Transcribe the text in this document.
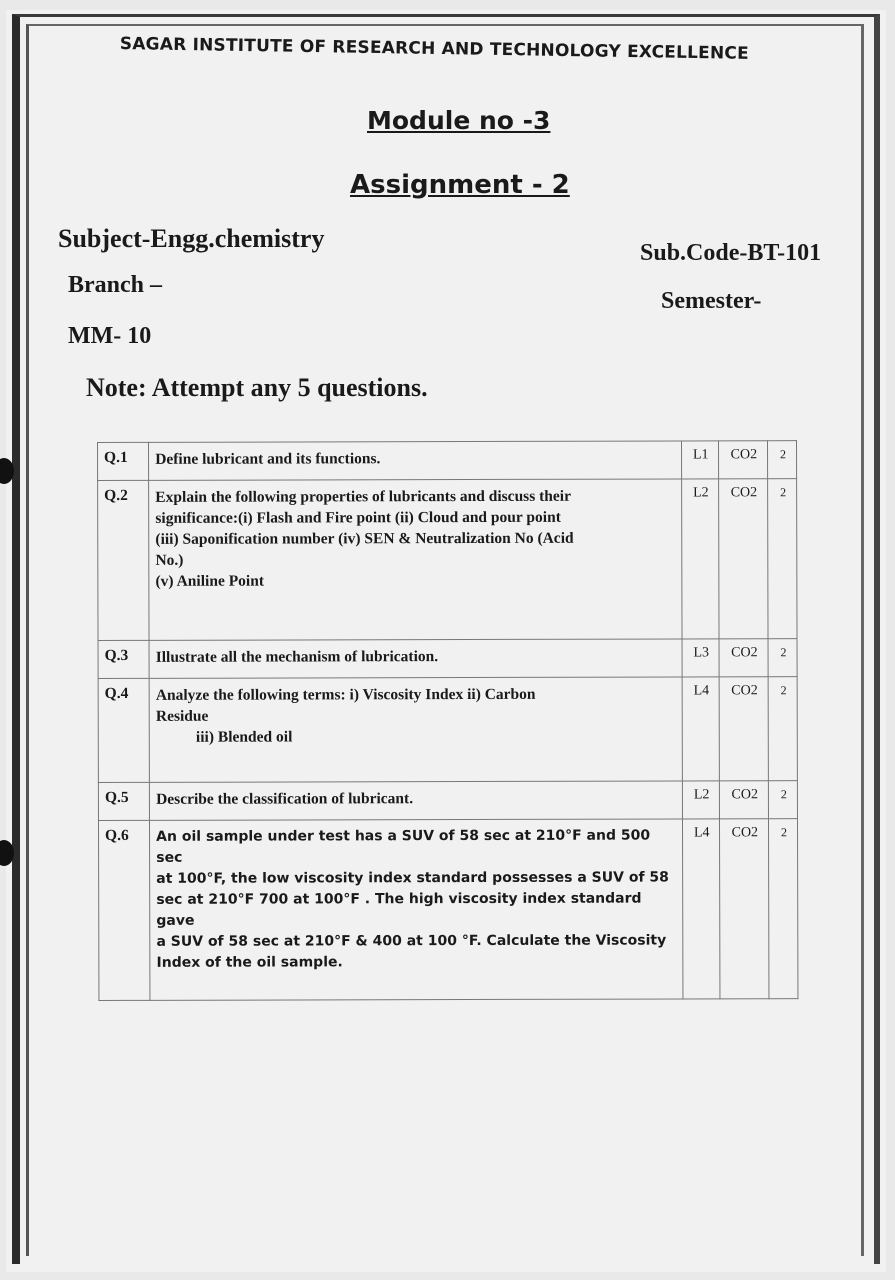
SAGAR INSTITUTE OF RESEARCH AND TECHNOLOGY EXCELLENCE
Module no -3
Assignment - 2
Subject-Engg.chemistry	Sub.Code-BT-101
Branch –
Semester-
MM- 10
Note: Attempt any 5 questions.
Q.1	Define lubricant and its functions.	L1	CO2	2
Q.2	Explain the following properties of lubricants and discuss their
significance:(i) Flash and Fire point (ii) Cloud and pour point
(iii) Saponification number (iv) SEN & Neutralization No (Acid
No.)
(v) Aniline Point	L2	CO2	2
Q.3	Illustrate all the mechanism of lubrication.	L3	CO2	2
Q.4	Analyze the following terms: i) Viscosity Index ii) Carbon
Residue
iii) Blended oil	L4	CO2	2
Q.5	Describe the classification of lubricant.	L2	CO2	2
Q.6	An oil sample under test has a SUV of 58 sec at 210°F and 500 sec
at 100°F, the low viscosity index standard possesses a SUV of 58
sec at 210°F 700 at 100°F . The high viscosity index standard gave
a SUV of 58 sec at 210°F & 400 at 100 °F. Calculate the Viscosity
Index of the oil sample.	L4	CO2	2
